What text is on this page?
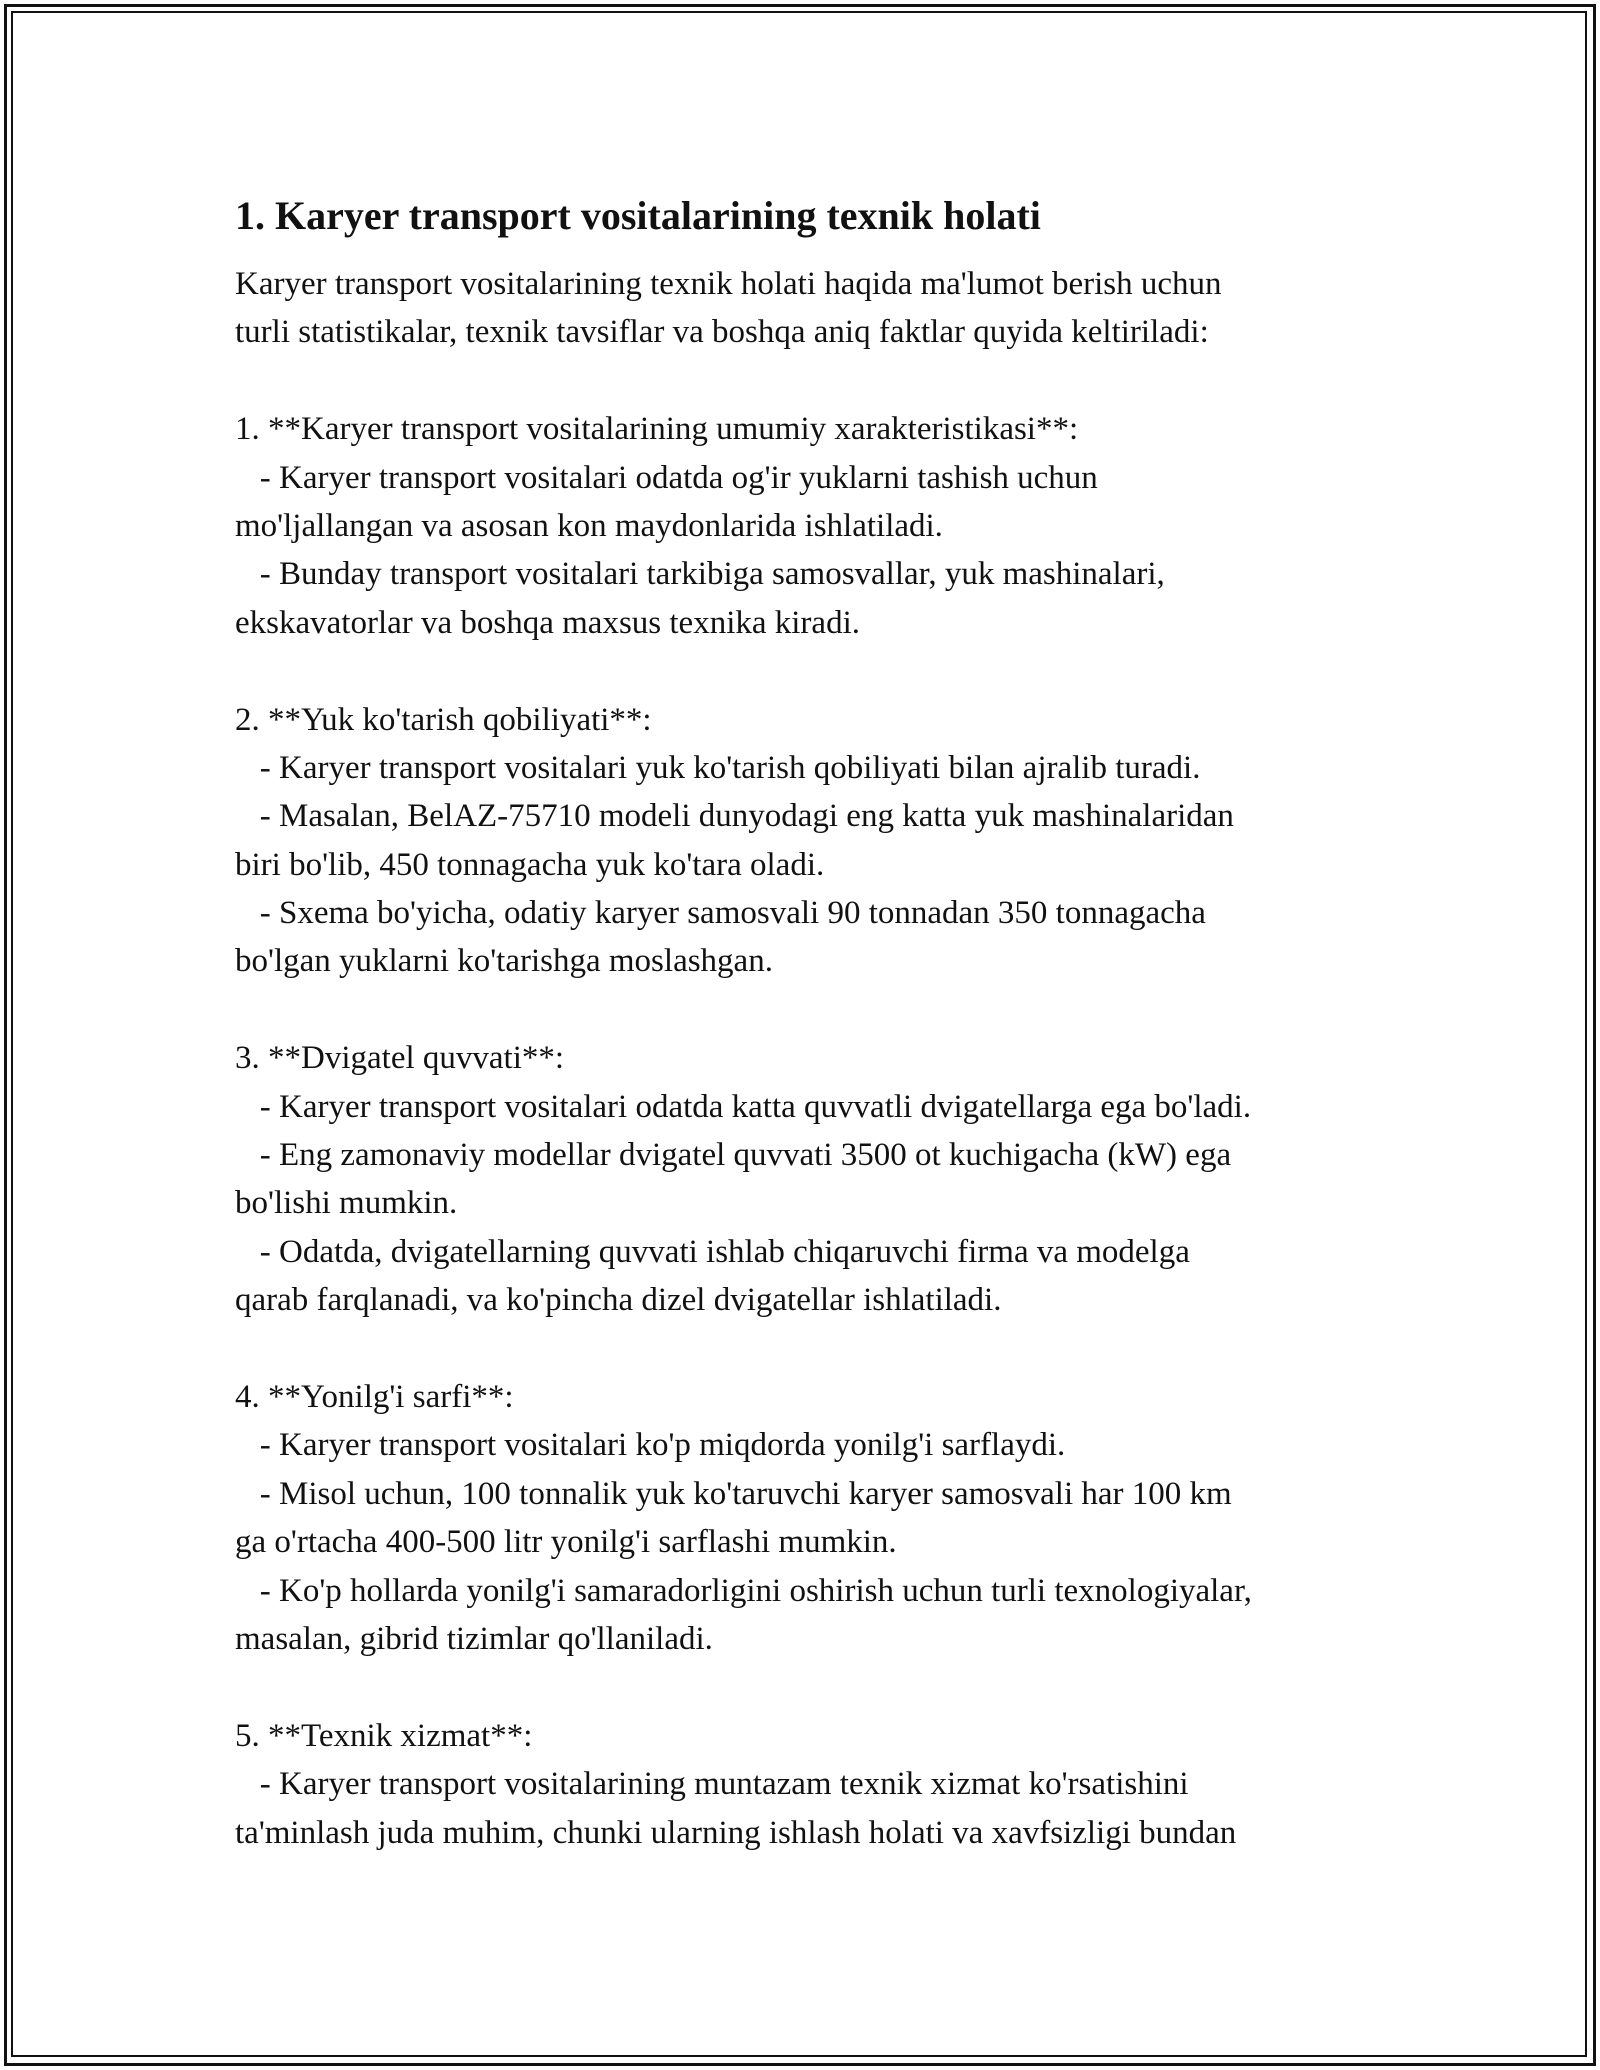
1. Karyer transport vositalarining texnik holati
Karyer transport vositalarining texnik holati haqida ma'lumot berish uchun
turli statistikalar, texnik tavsiflar va boshqa aniq faktlar quyida keltiriladi:
1. **Karyer transport vositalarining umumiy xarakteristikasi**:
- Karyer transport vositalari odatda og'ir yuklarni tashish uchun
mo'ljallangan va asosan kon maydonlarida ishlatiladi.
- Bunday transport vositalari tarkibiga samosvallar, yuk mashinalari,
ekskavatorlar va boshqa maxsus texnika kiradi.
2. **Yuk ko'tarish qobiliyati**:
- Karyer transport vositalari yuk ko'tarish qobiliyati bilan ajralib turadi.
- Masalan, BelAZ-75710 modeli dunyodagi eng katta yuk mashinalaridan
biri bo'lib, 450 tonnagacha yuk ko'tara oladi.
- Sxema bo'yicha, odatiy karyer samosvali 90 tonnadan 350 tonnagacha
bo'lgan yuklarni ko'tarishga moslashgan.
3. **Dvigatel quvvati**:
- Karyer transport vositalari odatda katta quvvatli dvigatellarga ega bo'ladi.
- Eng zamonaviy modellar dvigatel quvvati 3500 ot kuchigacha (kW) ega
bo'lishi mumkin.
- Odatda, dvigatellarning quvvati ishlab chiqaruvchi firma va modelga
qarab farqlanadi, va ko'pincha dizel dvigatellar ishlatiladi.
4. **Yonilg'i sarfi**:
- Karyer transport vositalari ko'p miqdorda yonilg'i sarflaydi.
- Misol uchun, 100 tonnalik yuk ko'taruvchi karyer samosvali har 100 km
ga o'rtacha 400-500 litr yonilg'i sarflashi mumkin.
- Ko'p hollarda yonilg'i samaradorligini oshirish uchun turli texnologiyalar,
masalan, gibrid tizimlar qo'llaniladi.
5. **Texnik xizmat**:
- Karyer transport vositalarining muntazam texnik xizmat ko'rsatishini
ta'minlash juda muhim, chunki ularning ishlash holati va xavfsizligi bundan
